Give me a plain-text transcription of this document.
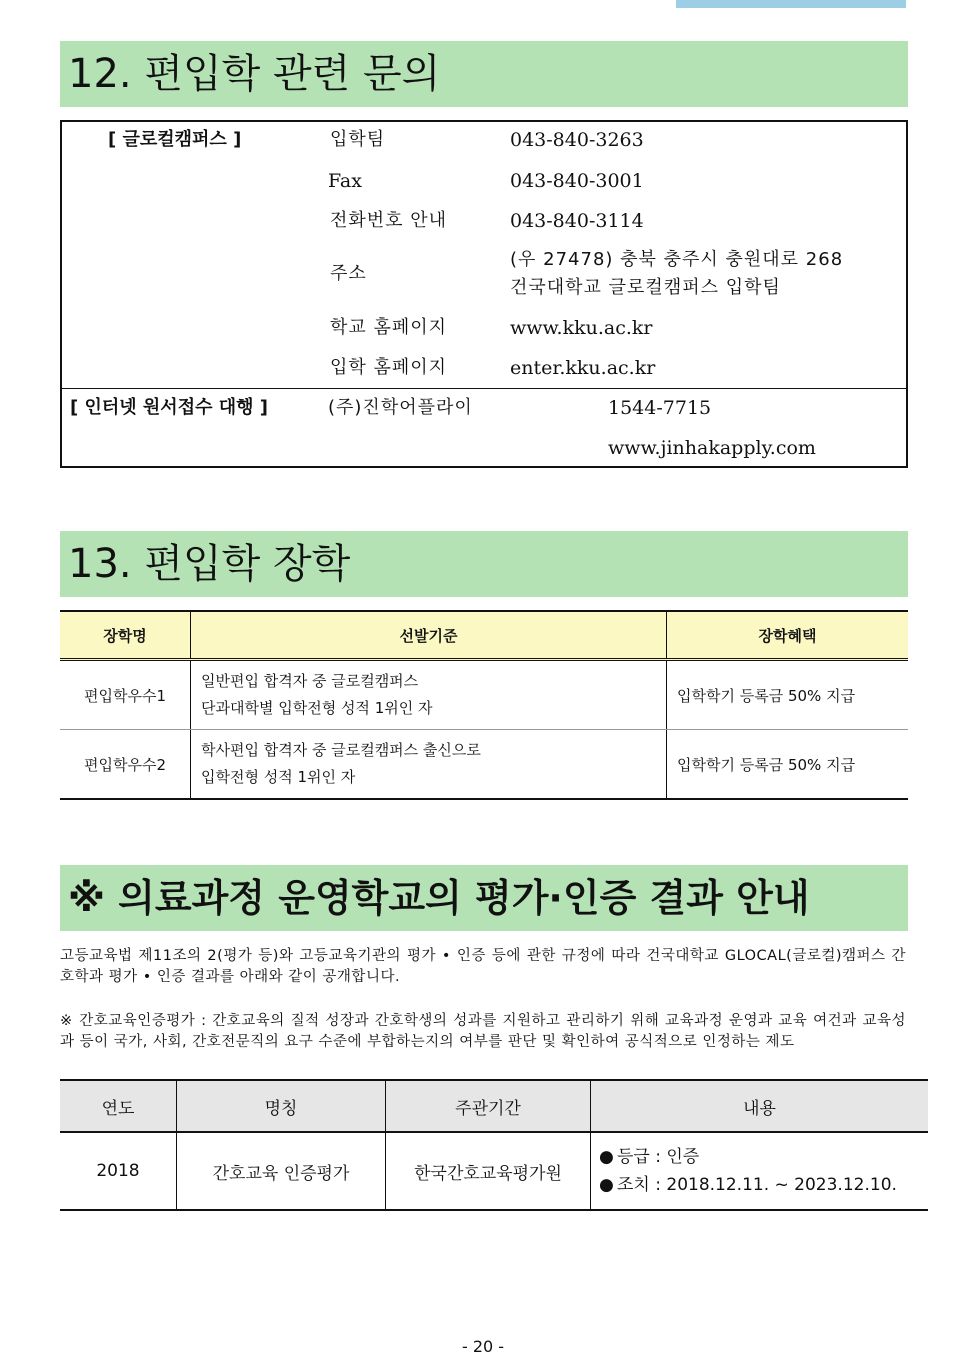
12. 편입학 관련 문의
[ 글로컬캠퍼스 ]	입학팀	043-840-3263
Fax	043-840-3001
전화번호 안내	043-840-3114
주소
(우 27478) 충북 충주시 충원대로 268
건국대학교 글로컬캠퍼스 입학팀
학교 홈페이지	www.kku.ac.kr
입학 홈페이지	enter.kku.ac.kr
[ 인터넷 원서접수 대행 ]	(주)진학어플라이	1544-7715
www.jinhakapply.com
13. 편입학 장학
장학명	선발기준	장학혜택
편입학우수1	일반편입 합격자 중 글로컬캠퍼스
단과대학별 입학전형 성적 1위인 자	입학학기 등록금 50% 지급
편입학우수2	학사편입 합격자 중 글로컬캠퍼스 출신으로
입학전형 성적 1위인 자	입학학기 등록금 50% 지급
※ 의료과정 운영학교의 평가·인증 결과 안내
고등교육법 제11조의 2(평가 등)와 고등교육기관의 평가 • 인증 등에 관한 규정에 따라 건국대학교 GLOCAL(글로컬)캠퍼스 간호학과 평가 • 인증 결과를 아래와 같이 공개합니다.
※ 간호교육인증평가 : 간호교육의 질적 성장과 간호학생의 성과를 지원하고 관리하기 위해 교육과정 운영과 교육 여건과 교육성과 등이 국가, 사회, 간호전문직의 요구 수준에 부합하는지의 여부를 판단 및 확인하여 공식적으로 인정하는 제도
연도	명칭	주관기간	내용
2018	간호교육 인증평가	한국간호교육평가원	● 등급 : 인증
● 조치 : 2018.12.11. ~ 2023.12.10.
- 20 -
